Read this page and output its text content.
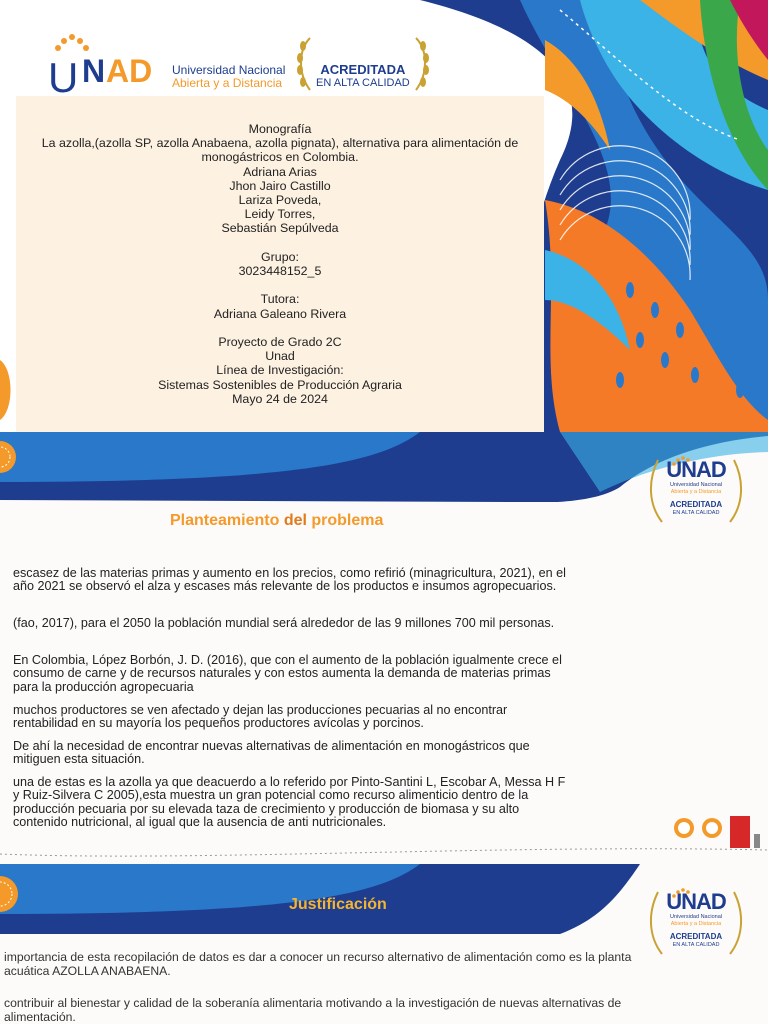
U N AD Universidad Nacional
Abierta y a Distancia
ACREDITADA
EN ALTA CALIDAD
Monografía
La azolla,(azolla SP, azolla Anabaena, azolla pignata), alternativa para alimentación de
monogástricos en Colombia.
Adriana Arias
Jhon Jairo Castillo
Lariza Poveda,
Leidy Torres,
Sebastián Sepúlveda
Grupo:
3023448152_5
Tutora:
Adriana Galeano Rivera
Proyecto de Grado 2C
Unad
Línea de Investigación:
Sistemas Sostenibles de Producción Agraria
Mayo 24 de 2024
Planteamiento del problema
escasez de las materias primas y aumento en los precios, como refirió (minagricultura, 2021), en el año 2021 se observó el alza y escases más relevante de los productos e insumos agropecuarios.
(fao, 2017), para el 2050 la población mundial será alrededor de las 9 millones 700 mil personas.
En Colombia, López Borbón, J. D. (2016), que con el aumento de la población igualmente crece el consumo de carne y de recursos naturales y con estos aumenta la demanda de materias primas para la producción agropecuaria
muchos productores se ven afectado y dejan las producciones pecuarias al no encontrar rentabilidad en su mayoría los pequeños productores avícolas y porcinos.
De ahí la necesidad de encontrar nuevas alternativas de alimentación en monogástricos que mitiguen esta situación.
una de estas es la azolla ya que deacuerdo a lo referido por Pinto-Santini L, Escobar A, Messa H F y Ruiz-Silvera C 2005),esta muestra un gran potencial como recurso alimenticio dentro de la producción pecuaria por su elevada taza de crecimiento y producción de biomasa y su alto contenido nutricional, al igual que la ausencia de anti nutricionales.
UNAD
Universidad Nacional
Abierta y a Distancia
ACREDITADA
EN ALTA CALIDAD
Justificación	UNAD
Universidad Nacional
Abierta y a Distancia
ACREDITADA
EN ALTA CALIDAD
importancia de esta recopilación de datos es dar a conocer un recurso alternativo de alimentación como es la planta acuática AZOLLA ANABAENA.
contribuir al bienestar y calidad de la soberanía alimentaria motivando a la investigación de nuevas alternativas de alimentación.
